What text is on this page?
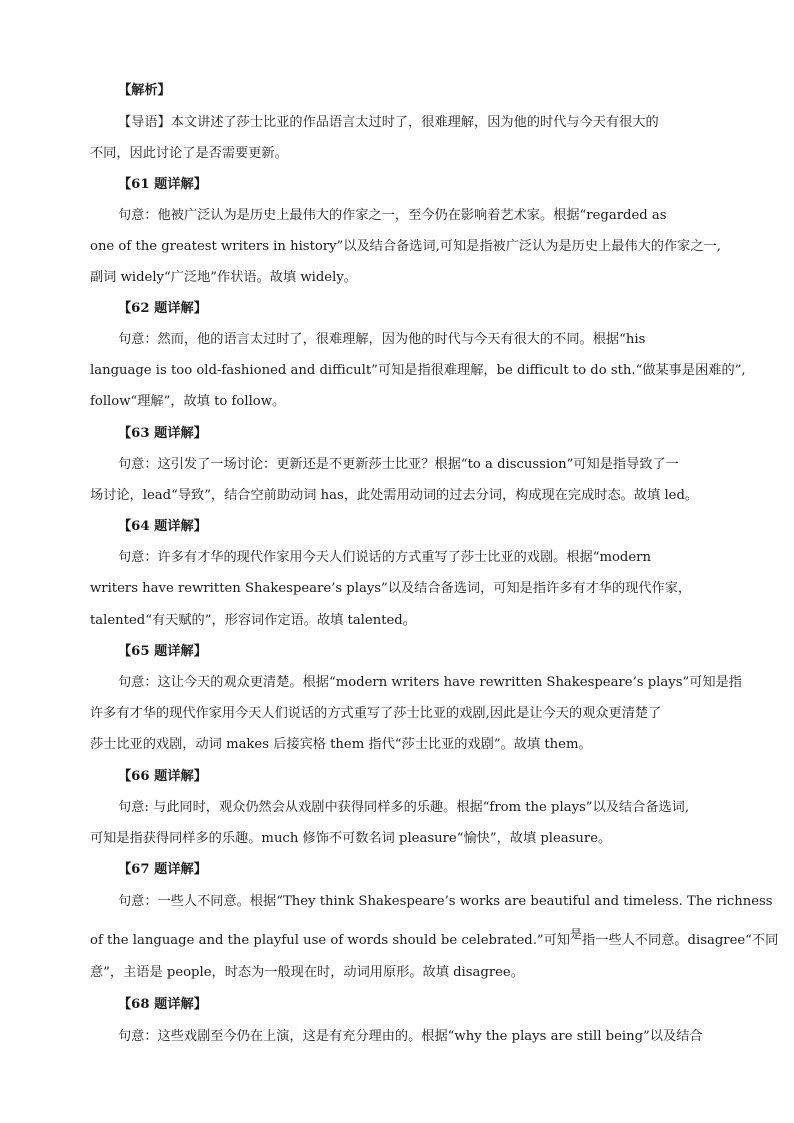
【解析】
【导语】本文讲述了莎士比亚的作品语言太过时了，很难理解，因为他的时代与今天有很大的
不同，因此讨论了是否需要更新。
【61 题详解】
句意：他被广泛认为是历史上最伟大的作家之一，至今仍在影响着艺术家。根据“regarded as
one of the greatest writers in history”以及结合备选词,可知是指被广泛认为是历史上最伟大的作家之一,
副词 widely“广泛地”作状语。故填 widely。
【62 题详解】
句意：然而，他的语言太过时了，很难理解，因为他的时代与今天有很大的不同。根据“his
language is too old-fashioned and difficult”可知是指很难理解，be difficult to do sth.“做某事是困难的”,
follow“理解”，故填 to follow。
【63 题详解】
句意：这引发了一场讨论：更新还是不更新莎士比亚？根据“to a discussion”可知是指导致了一
场讨论，lead“导致”，结合空前助动词 has，此处需用动词的过去分词，构成现在完成时态。故填 led。
【64 题详解】
句意：许多有才华的现代作家用今天人们说话的方式重写了莎士比亚的戏剧。根据“modern
writers have rewritten Shakespeare’s plays”以及结合备选词，可知是指许多有才华的现代作家，
talented“有天赋的”，形容词作定语。故填 talented。
【65 题详解】
句意：这让今天的观众更清楚。根据“modern writers have rewritten Shakespeare’s plays”可知是指
许多有才华的现代作家用今天人们说话的方式重写了莎士比亚的戏剧,因此是让今天的观众更清楚了
莎士比亚的戏剧，动词 makes 后接宾格 them 指代“莎士比亚的戏剧”。故填 them。
【66 题详解】
句意: 与此同时，观众仍然会从戏剧中获得同样多的乐趣。根据“from the plays”以及结合备选词,
可知是指获得同样多的乐趣。much 修饰不可数名词 pleasure“愉快”，故填 pleasure。
【67 题详解】
句意：一些人不同意。根据“They think Shakespeare’s works are beautiful and timeless. The richness
of the language and the playful use of words should be celebrated.”可知是指一些人不同意。disagree“不同
意”，主语是 people，时态为一般现在时，动词用原形。故填 disagree。
【68 题详解】
句意：这些戏剧至今仍在上演，这是有充分理由的。根据“why the plays are still being”以及结合
